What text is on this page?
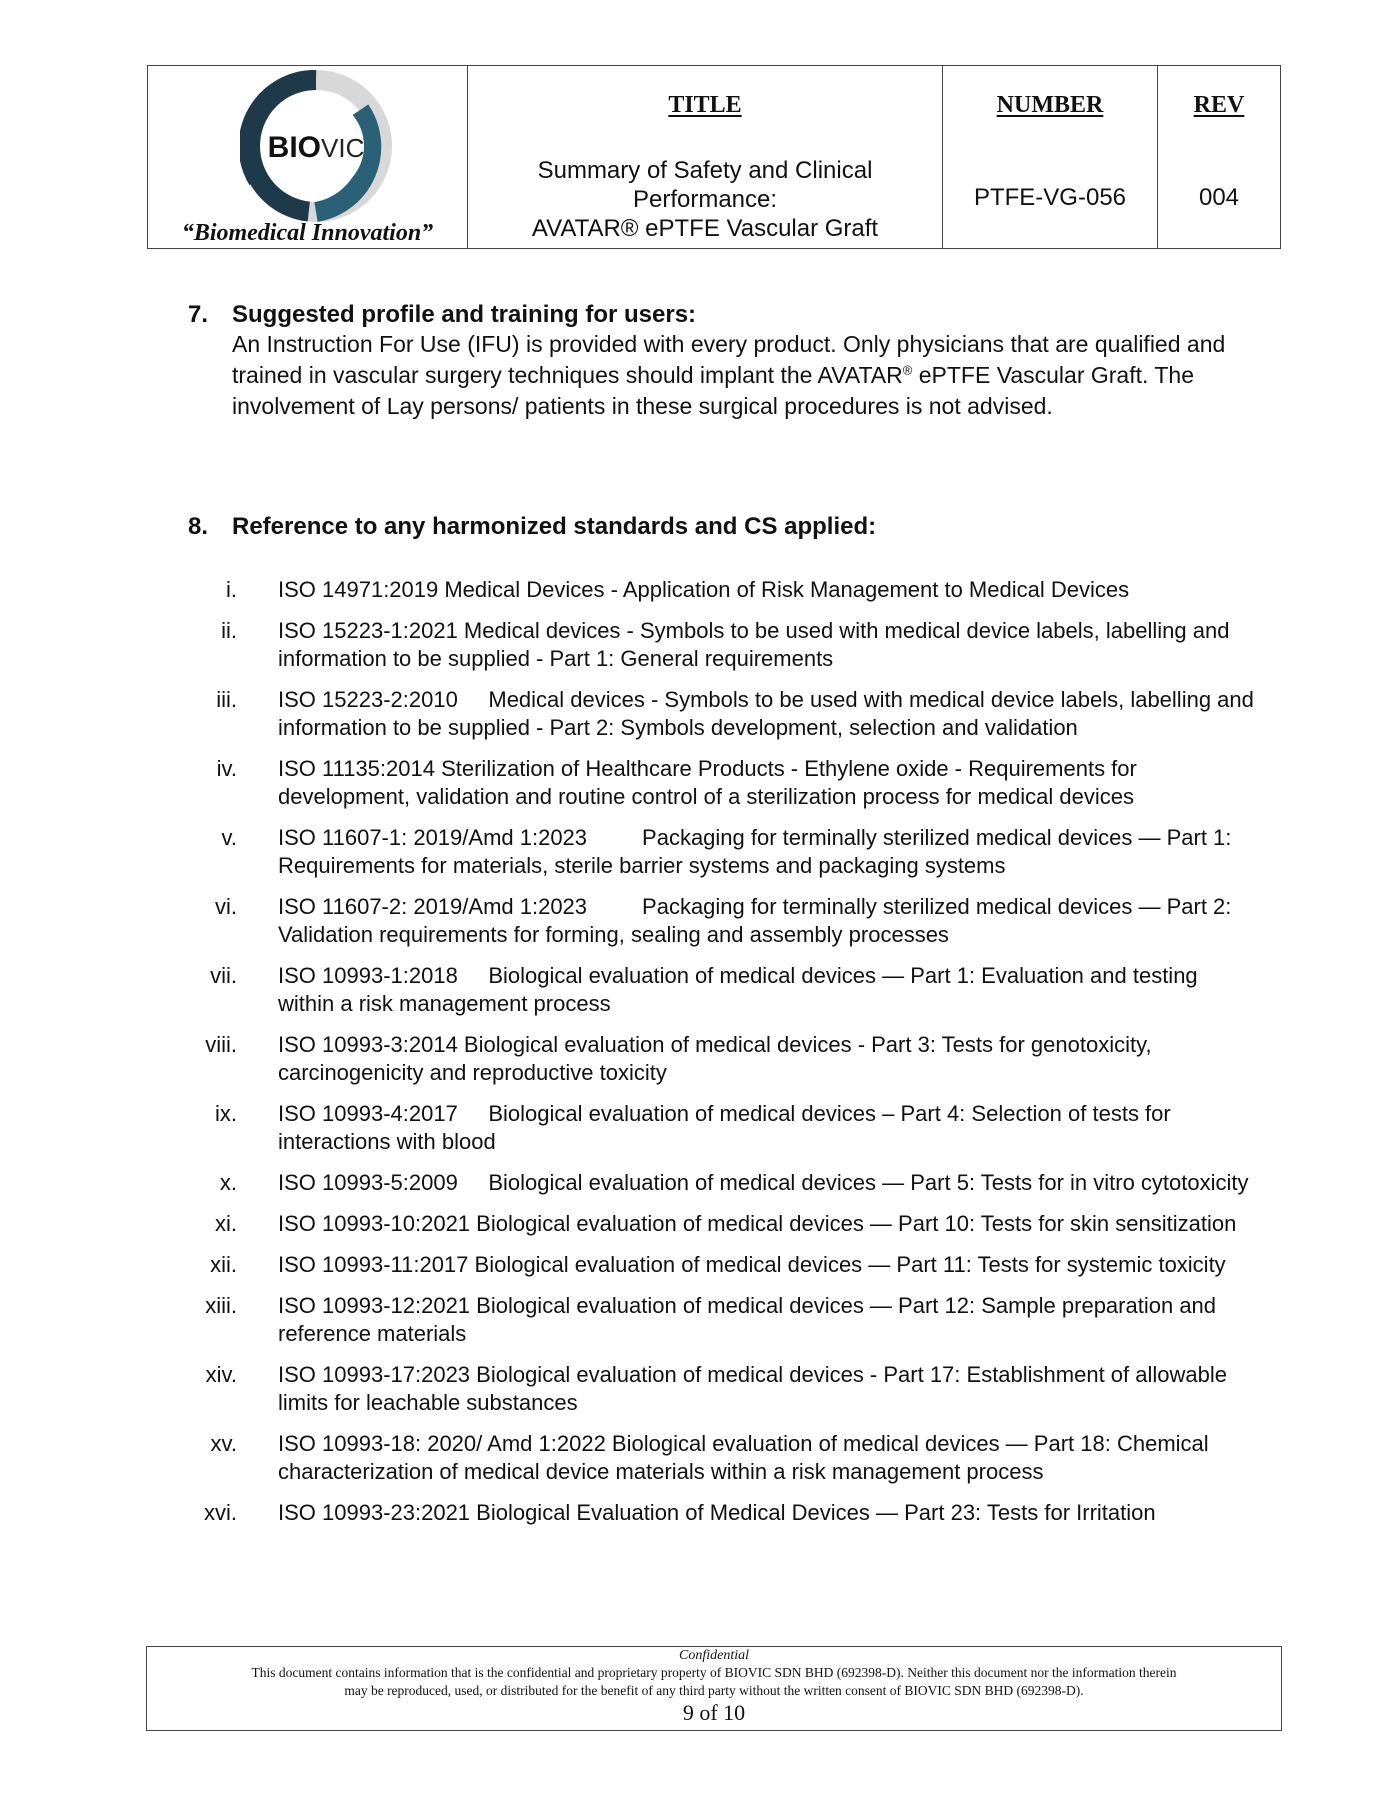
BIOVIC
“Biomedical Innovation”
TITLE
Summary of Safety and Clinical
Performance:
AVATAR® ePTFE Vascular Graft
NUMBER
PTFE-VG-056
REV
004
7. Suggested profile and training for users:
An Instruction For Use (IFU) is provided with every product. Only physicians that are qualified and trained in vascular surgery techniques should implant the AVATAR® ePTFE Vascular Graft. The involvement of Lay persons/ patients in these surgical procedures is not advised.
8. Reference to any harmonized standards and CS applied:
i. ISO 14971:2019 Medical Devices - Application of Risk Management to Medical Devices
ii. ISO 15223-1:2021 Medical devices - Symbols to be used with medical device labels, labelling and information to be supplied - Part 1: General requirements
iii. ISO 15223-2:2010     Medical devices - Symbols to be used with medical device labels, labelling and information to be supplied - Part 2: Symbols development, selection and validation
iv. ISO 11135:2014 Sterilization of Healthcare Products - Ethylene oxide - Requirements for development, validation and routine control of a sterilization process for medical devices
v. ISO 11607-1: 2019/Amd 1:2023         Packaging for terminally sterilized medical devices — Part 1: Requirements for materials, sterile barrier systems and packaging systems
vi. ISO 11607-2: 2019/Amd 1:2023         Packaging for terminally sterilized medical devices — Part 2: Validation requirements for forming, sealing and assembly processes
vii. ISO 10993-1:2018     Biological evaluation of medical devices — Part 1: Evaluation and testing within a risk management process
viii. ISO 10993-3:2014 Biological evaluation of medical devices - Part 3: Tests for genotoxicity, carcinogenicity and reproductive toxicity
ix. ISO 10993-4:2017     Biological evaluation of medical devices – Part 4: Selection of tests for interactions with blood
x. ISO 10993-5:2009     Biological evaluation of medical devices — Part 5: Tests for in vitro cytotoxicity
xi. ISO 10993-10:2021 Biological evaluation of medical devices — Part 10: Tests for skin sensitization
xii. ISO 10993-11:2017 Biological evaluation of medical devices — Part 11: Tests for systemic toxicity
xiii. ISO 10993-12:2021 Biological evaluation of medical devices — Part 12: Sample preparation and reference materials
xiv. ISO 10993-17:2023 Biological evaluation of medical devices - Part 17: Establishment of allowable limits for leachable substances
xv. ISO 10993-18: 2020/ Amd 1:2022 Biological evaluation of medical devices — Part 18: Chemical characterization of medical device materials within a risk management process
xvi. ISO 10993-23:2021 Biological Evaluation of Medical Devices — Part 23: Tests for Irritation
Confidential
This document contains information that is the confidential and proprietary property of BIOVIC SDN BHD (692398-D). Neither this document nor the information therein
may be reproduced, used, or distributed for the benefit of any third party without the written consent of BIOVIC SDN BHD (692398-D).
9 of 10
